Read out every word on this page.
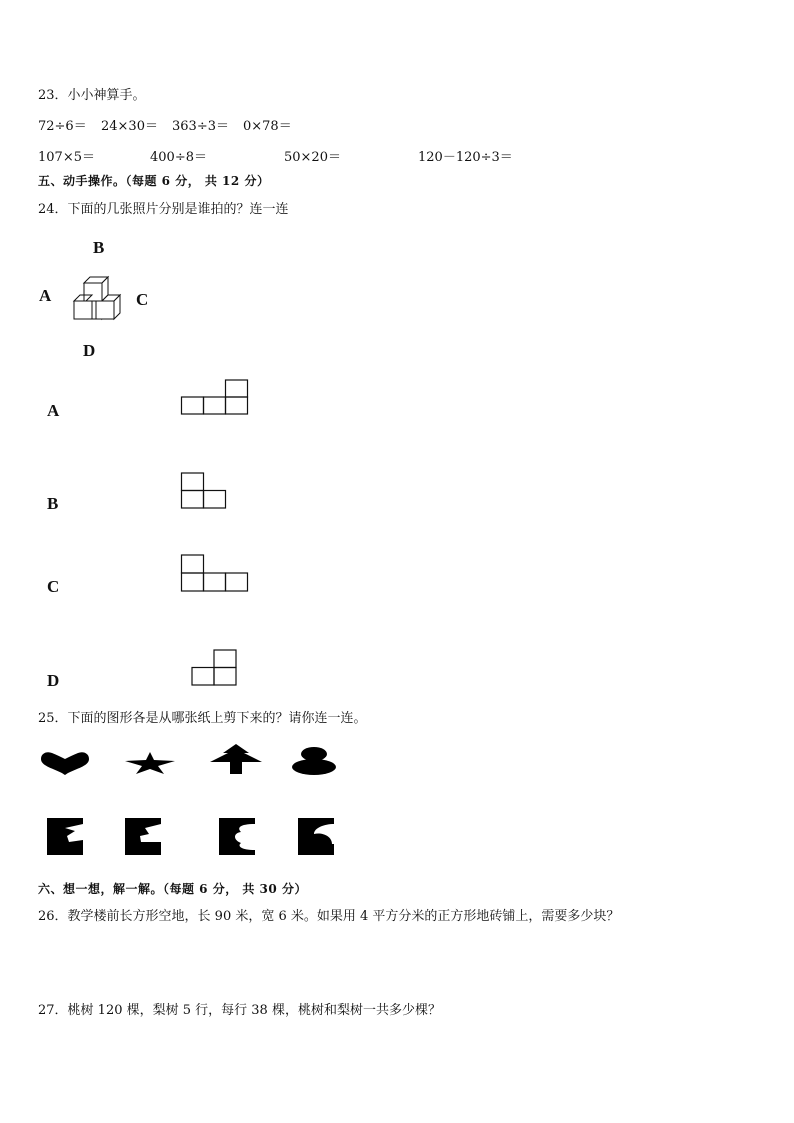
23．小小神算手。
72÷6＝ 24×30＝ 363÷3＝ 0×78＝
107×5＝	400÷8＝	50×20＝	120－120÷3＝
五、动手操作。（每题 6 分， 共 12 分）
24．下面的几张照片分别是谁拍的？连一连
B
A	C
D
A
B
C
D
25．下面的图形各是从哪张纸上剪下来的？请你连一连。
六、想一想，解一解。（每题 6 分， 共 30 分）
26．教学楼前长方形空地，长 90 米，宽 6 米。如果用 4 平方分米的正方形地砖铺上，需要多少块？
27．桃树 120 棵，梨树 5 行，每行 38 棵，桃树和梨树一共多少棵？
